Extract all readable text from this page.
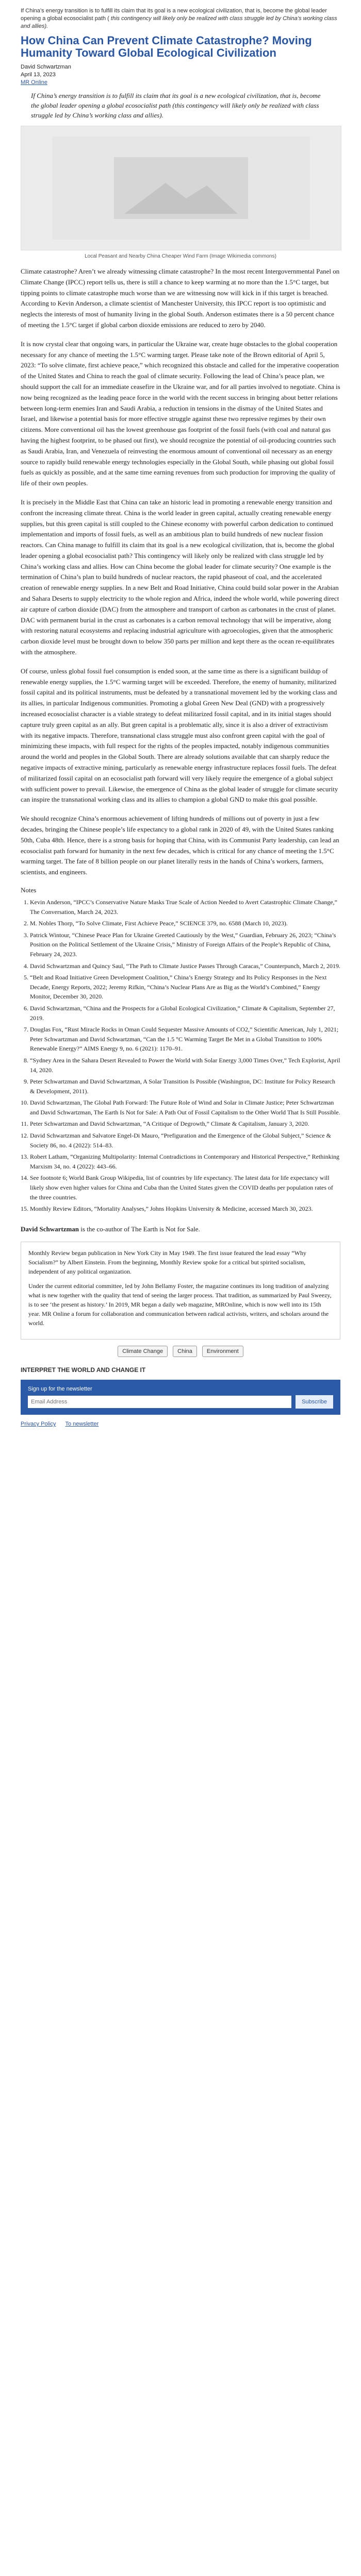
If China’s energy transition is to fulfill its claim that its goal is a new ecological civilization, that is, become the global leader opening a global ecosocialist path ( this contingency will likely only be realized with class struggle led by China’s working class and allies).
How China Can Prevent Climate Catastrophe? Moving Humanity Toward Global Ecological Civilization
David Schwartzman
April 13, 2023
MR Online
If China’s energy transition is to fulfill its claim that its goal is a new ecological civilization, that is, become the global leader opening a global ecosocialist path (this contingency will likely only be realized with class struggle led by China’s working class and allies).
Local Peasant and Nearby China Cheaper Wind Farm (Image Wikimedia commons)

Climate catastrophe? Aren’t we already witnessing climate catastrophe? In the most recent Intergovernmental Panel on Climate Change (IPCC) report tells us, there is still a chance to keep warming at no more than the 1.5°C target, but tipping points to climate catastrophe much worse than we are witnessing now will kick in if this target is breached. According to Kevin Anderson, a climate scientist of Manchester University, this IPCC report is too optimistic and neglects the interests of most of humanity living in the global South. Anderson estimates there is a 50 percent chance of meeting the 1.5°C target if global carbon dioxide emissions are reduced to zero by 2040.

It is now crystal clear that ongoing wars, in particular the Ukraine war, create huge obstacles to the global cooperation necessary for any chance of meeting the 1.5°C warming target. Please take note of the Brown editorial of April 5, 2023: “To solve climate, first achieve peace,” which recognized this obstacle and called for the imperative cooperation of the United States and China to reach the goal of climate security. Following the lead of China’s peace plan, we should support the call for an immediate ceasefire in the Ukraine war, and for all parties involved to negotiate. China is now being recognized as the leading peace force in the world with the recent success in bringing about better relations between long-term enemies Iran and Saudi Arabia, a reduction in tensions in the dismay of the United States and Israel, and likewise a potential basis for more effective struggle against these two repressive regimes by their own citizens. More conventional oil has the lowest greenhouse gas footprint of the fossil fuels (with coal and natural gas having the highest footprint, to be phased out first), we should recognize the potential of oil-producing countries such as Saudi Arabia, Iran, and Venezuela of reinvesting the enormous amount of conventional oil necessary as an energy source to rapidly build renewable energy technologies especially in the Global South, while phasing out global fossil fuels as quickly as possible, and at the same time earning revenues from such production for improving the quality of life of their own peoples.

It is precisely in the Middle East that China can take an historic lead in promoting a renewable energy transition and confront the increasing climate threat. China is the world leader in green capital, actually creating renewable energy supplies, but this green capital is still coupled to the Chinese economy with powerful carbon dedication to continued implementation and imports of fossil fuels, as well as an ambitious plan to build hundreds of new nuclear fission reactors. Can China manage to fulfill its claim that its goal is a new ecological civilization, that is, become the global leader opening a global ecosocialist path? This contingency will likely only be realized with class struggle led by China’s working class and allies. How can China become the global leader for climate security? One example is the termination of China’s plan to build hundreds of nuclear reactors, the rapid phaseout of coal, and the accelerated creation of renewable energy supplies. In a new Belt and Road Initiative, China could build solar power in the Arabian and Sahara Deserts to supply electricity to the whole region and Africa, indeed the whole world, while powering direct air capture of carbon dioxide (DAC) from the atmosphere and transport of carbon as carbonates in the crust of planet. DAC with permanent burial in the crust as carbonates is a carbon removal technology that will be imperative, along with restoring natural ecosystems and replacing industrial agriculture with agroecologies, given that the atmospheric carbon dioxide level must be brought down to below 350 parts per million and kept there as the ocean re-equilibrates with the atmosphere.

Of course, unless global fossil fuel consumption is ended soon, at the same time as there is a significant buildup of renewable energy supplies, the 1.5°C warming target will be exceeded. Therefore, the enemy of humanity, militarized fossil capital and its political instruments, must be defeated by a transnational movement led by the working class and its allies, in particular Indigenous communities. Promoting a global Green New Deal (GND) with a progressively increased ecosocialist character is a viable strategy to defeat militarized fossil capital, and in its initial stages should capture truly green capital as an ally. But green capital is a problematic ally, since it is also a driver of extractivism with its negative impacts. Therefore, transnational class struggle must also confront green capital with the goal of minimizing these impacts, with full respect for the rights of the peoples impacted, notably indigenous communities around the world and peoples in the Global South. There are already solutions available that can sharply reduce the negative impacts of extractive mining, particularly as renewable energy infrastructure replaces fossil fuels. The defeat of militarized fossil capital on an ecosocialist path forward will very likely require the emergence of a global subject with sufficient power to prevail. Likewise, the emergence of China as the global leader of struggle for climate security can inspire the transnational working class and its allies to champion a global GND to make this goal possible.

We should recognize China’s enormous achievement of lifting hundreds of millions out of poverty in just a few decades, bringing the Chinese people’s life expectancy to a global rank in 2020 of 49, with the United States ranking 50th, Cuba 48th. Hence, there is a strong basis for hoping that China, with its Communist Party leadership, can lead an ecosocialist path forward for humanity in the next few decades, which is critical for any chance of meeting the 1.5°C warming target. The fate of 8 billion people on our planet literally rests in the hands of China’s workers, farmers, scientists, and engineers.

Notes
1. Kevin Anderson, “IPCC’s Conservative Nature Masks True Scale of Action Needed to Avert Catastrophic Climate Change,” The Conversation, March 24, 2023.
2. M. Nobles Thorp, “To Solve Climate, First Achieve Peace,” SCIENCE 379, no. 6588 (March 10, 2023).
3. Patrick Wintour, “Chinese Peace Plan for Ukraine Greeted Cautiously by the West,” Guardian, February 26, 2023; “China’s Position on the Political Settlement of the Ukraine Crisis,” Ministry of Foreign Affairs of the People’s Republic of China, February 24, 2023.
4. David Schwartzman and Quincy Saul, “The Path to Climate Justice Passes Through Caracas,” Counterpunch, March 2, 2019.
5. “Belt and Road Initiative Green Development Coalition,” China’s Energy Strategy and Its Policy Responses in the Next Decade, Energy Reports, 2022; Jeremy Rifkin, “China’s Nuclear Plans Are as Big as the World’s Combined,” Energy Monitor, December 30, 2020.
6. David Schwartzman, “China and the Prospects for a Global Ecological Civilization,” Climate & Capitalism, September 27, 2019.
7. Douglas Fox, “Rust Miracle Rocks in Oman Could Sequester Massive Amounts of CO2,” Scientific American, July 1, 2021; Peter Schwartzman and David Schwartzman, “Can the 1.5 °C Warming Target Be Met in a Global Transition to 100% Renewable Energy?” AIMS Energy 9, no. 6 (2021): 1170–91.
8. “Sydney Area in the Sahara Desert Revealed to Power the World with Solar Energy 3,000 Times Over,” Tech Explorist, April 14, 2020.
9. Peter Schwartzman and David Schwartzman, A Solar Transition Is Possible (Washington, DC: Institute for Policy Research & Development, 2011).
10. David Schwartzman, The Global Path Forward: The Future Role of Wind and Solar in Climate Justice; Peter Schwartzman and David Schwartzman, The Earth Is Not for Sale: A Path Out of Fossil Capitalism to the Other World That Is Still Possible.
11. Peter Schwartzman and David Schwartzman, “A Critique of Degrowth,” Climate & Capitalism, January 3, 2020.
12. David Schwartzman and Salvatore Engel-Di Mauro, “Prefiguration and the Emergence of the Global Subject,” Science & Society 86, no. 4 (2022): 514–83.
13. Robert Latham, “Organizing Multipolarity: Internal Contradictions in Contemporary and Historical Perspective,” Rethinking Marxism 34, no. 4 (2022): 443–66.
14. See footnote 6; World Bank Group Wikipedia, list of countries by life expectancy. The latest data for life expectancy will likely show even higher values for China and Cuba than the United States given the COVID deaths per population rates of the three countries.
15. Monthly Review Editors, “Mortality Analyses,” Johns Hopkins University & Medicine, accessed March 30, 2023.
David Schwartzman is the co-author of The Earth is Not for Sale.

Monthly Review began publication in New York City in May 1949. The first issue featured the lead essay “Why Socialism?” by Albert Einstein. From the beginning, Monthly Review spoke for a critical but spirited socialism, independent of any political organization.

Under the current editorial committee, led by John Bellamy Foster, the magazine continues its long tradition of analyzing what is new together with the quality that tend of seeing the larger process. That tradition, as summarized by Paul Sweezy, is to see ‘the present as history.’ In 2019, MR began a daily web magazine, MROnline, which is now well into its 15th year. MR Online a forum for collaboration and communication between radical activists, writers, and scholars around the world.

Climate Change	China	Environment
INTERPRET THE WORLD AND CHANGE IT
Sign up for the newsletter
Email Address
Subscribe
Privacy Policy To newsletter
